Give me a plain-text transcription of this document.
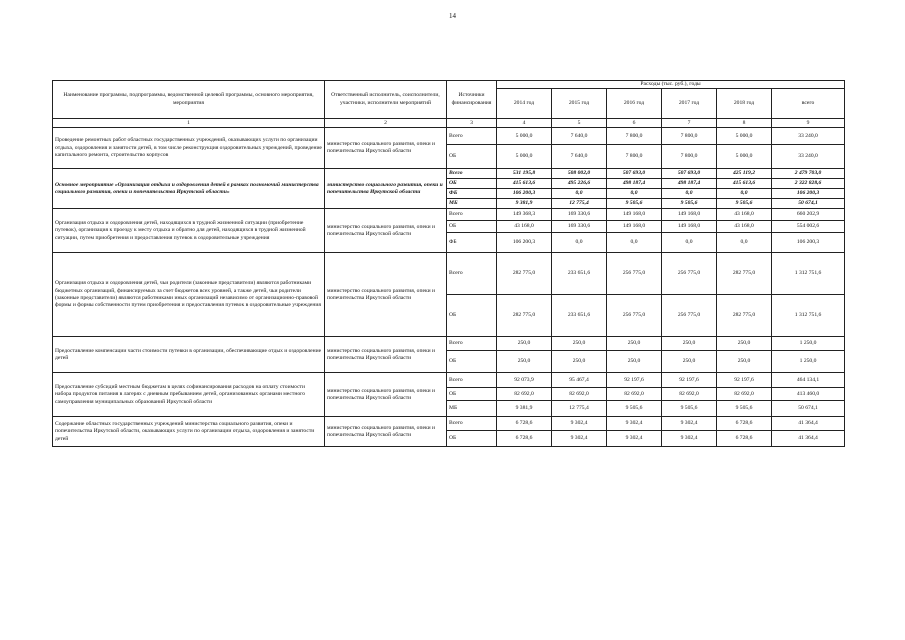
14
Наименование программы, подпрограммы, ведомственной целевой программы, основного мероприятия, мероприятия	Ответственный исполнитель, соисполнители, участники, исполнители мероприятий	Источники финансирования	Расходы (тыс. руб.), годы					
			2014 год	2015 год	2016 год	2017 год	2018 год	всего
1	2	3	4	5	6	7	8	9
Проведение ремонтных работ областных государственных учреждений, оказывающих услуги по организации отдыха, оздоровления и занятости детей, в том числе реконструкция оздоровительных учреждений, проведение капитального ремонта, строительство корпусов	министерство социального развития, опеки и попечительства Иркутской области	Всего	5 000,0	7 640,0	7 800,0	7 800,0	5 000,0	33 240,0
		ОБ	5 000,0	7 640,0	7 800,0	7 800,0	5 000,0	33 240,0
Основное мероприятие «Организация отдыха и оздоровления детей в рамках полномочий министерства социального развития, опеки и попечительства Иркутской области»	министерство социального развития, опеки и попечительства Иркутской области	Всего	531 195,8	508 002,0	507 693,0	507 693,0	425 119,2	2 479 703,0
		ОБ	415 613,6	495 226,6	498 187,4	498 187,4	415 613,6	2 322 828,6
		ФБ	106 200,3	0,0	0,0	0,0	0,0	106 200,3
		МБ	9 381,9	12 775,4	9 505,6	9 505,6	9 505,6	50 674,1
Организация отдыха и оздоровления детей, находящихся в трудной жизненной ситуации (приобретение путевок), организация к проезду к месту отдыха и обратно для детей, находящихся в трудной жизненной ситуации, путем приобретения и предоставления путевок в оздоровительные учреждения	министерство социального развития, опеки и попечительства Иркутской области	Всего	149 368,3	169 330,6	149 168,0	149 168,0	43 168,0	660 202,9
		ОБ	43 168,0	169 330,6	149 168,0	149 168,0	43 168,0	554 002,6
		ФБ	106 200,3	0,0	0,0	0,0	0,0	106 200,3
Организация отдыха и оздоровления детей, чьи родители (законные представители) являются работниками бюджетных организаций, финансируемых за счет бюджетов всех уровней, а также детей, чьи родители (законные представители) являются работниками иных организаций независимо от организационно-правовой формы и формы собственности путем приобретения и предоставления путевок в оздоровительные учреждения	министерство социального развития, опеки и попечительства Иркутской области	Всего	282 775,0	233 651,6	256 775,0	256 775,0	282 775,0	1 312 751,6
		ОБ	282 775,0	233 651,6	256 775,0	256 775,0	282 775,0	1 312 751,6
Предоставление компенсации части стоимости путевки в организации, обеспечивающие отдых и оздоровление детей	министерство социального развития, опеки и попечительства Иркутской области	Всего	250,0	250,0	250,0	250,0	250,0	1 250,0
		ОБ	250,0	250,0	250,0	250,0	250,0	1 250,0
Предоставление субсидий местным бюджетам в целях софинансирования расходов на оплату стоимости набора продуктов питания в лагерях с дневным пребыванием детей, организованных органами местного самоуправления муниципальных образований Иркутской области	министерство социального развития, опеки и попечительства Иркутской области	Всего	92 073,9	95 467,4	92 197,6	92 197,6	92 197,6	464 134,1
		ОБ	82 692,0	82 692,0	82 692,0	82 692,0	82 692,0	413 460,0
		МБ	9 381,9	12 775,4	9 505,6	9 505,6	9 505,6	50 674,1
Содержание областных государственных учреждений министерства социального развития, опеки и попечительства Иркутской области, оказывающих услуги по организации отдыха, оздоровления и занятости детей	министерство социального развития, опеки и попечительства Иркутской области	Всего	6 728,6	9 302,4	9 302,4	9 302,4	6 728,6	41 364,4
		ОБ	6 728,6	9 302,4	9 302,4	9 302,4	6 728,6	41 364,4
